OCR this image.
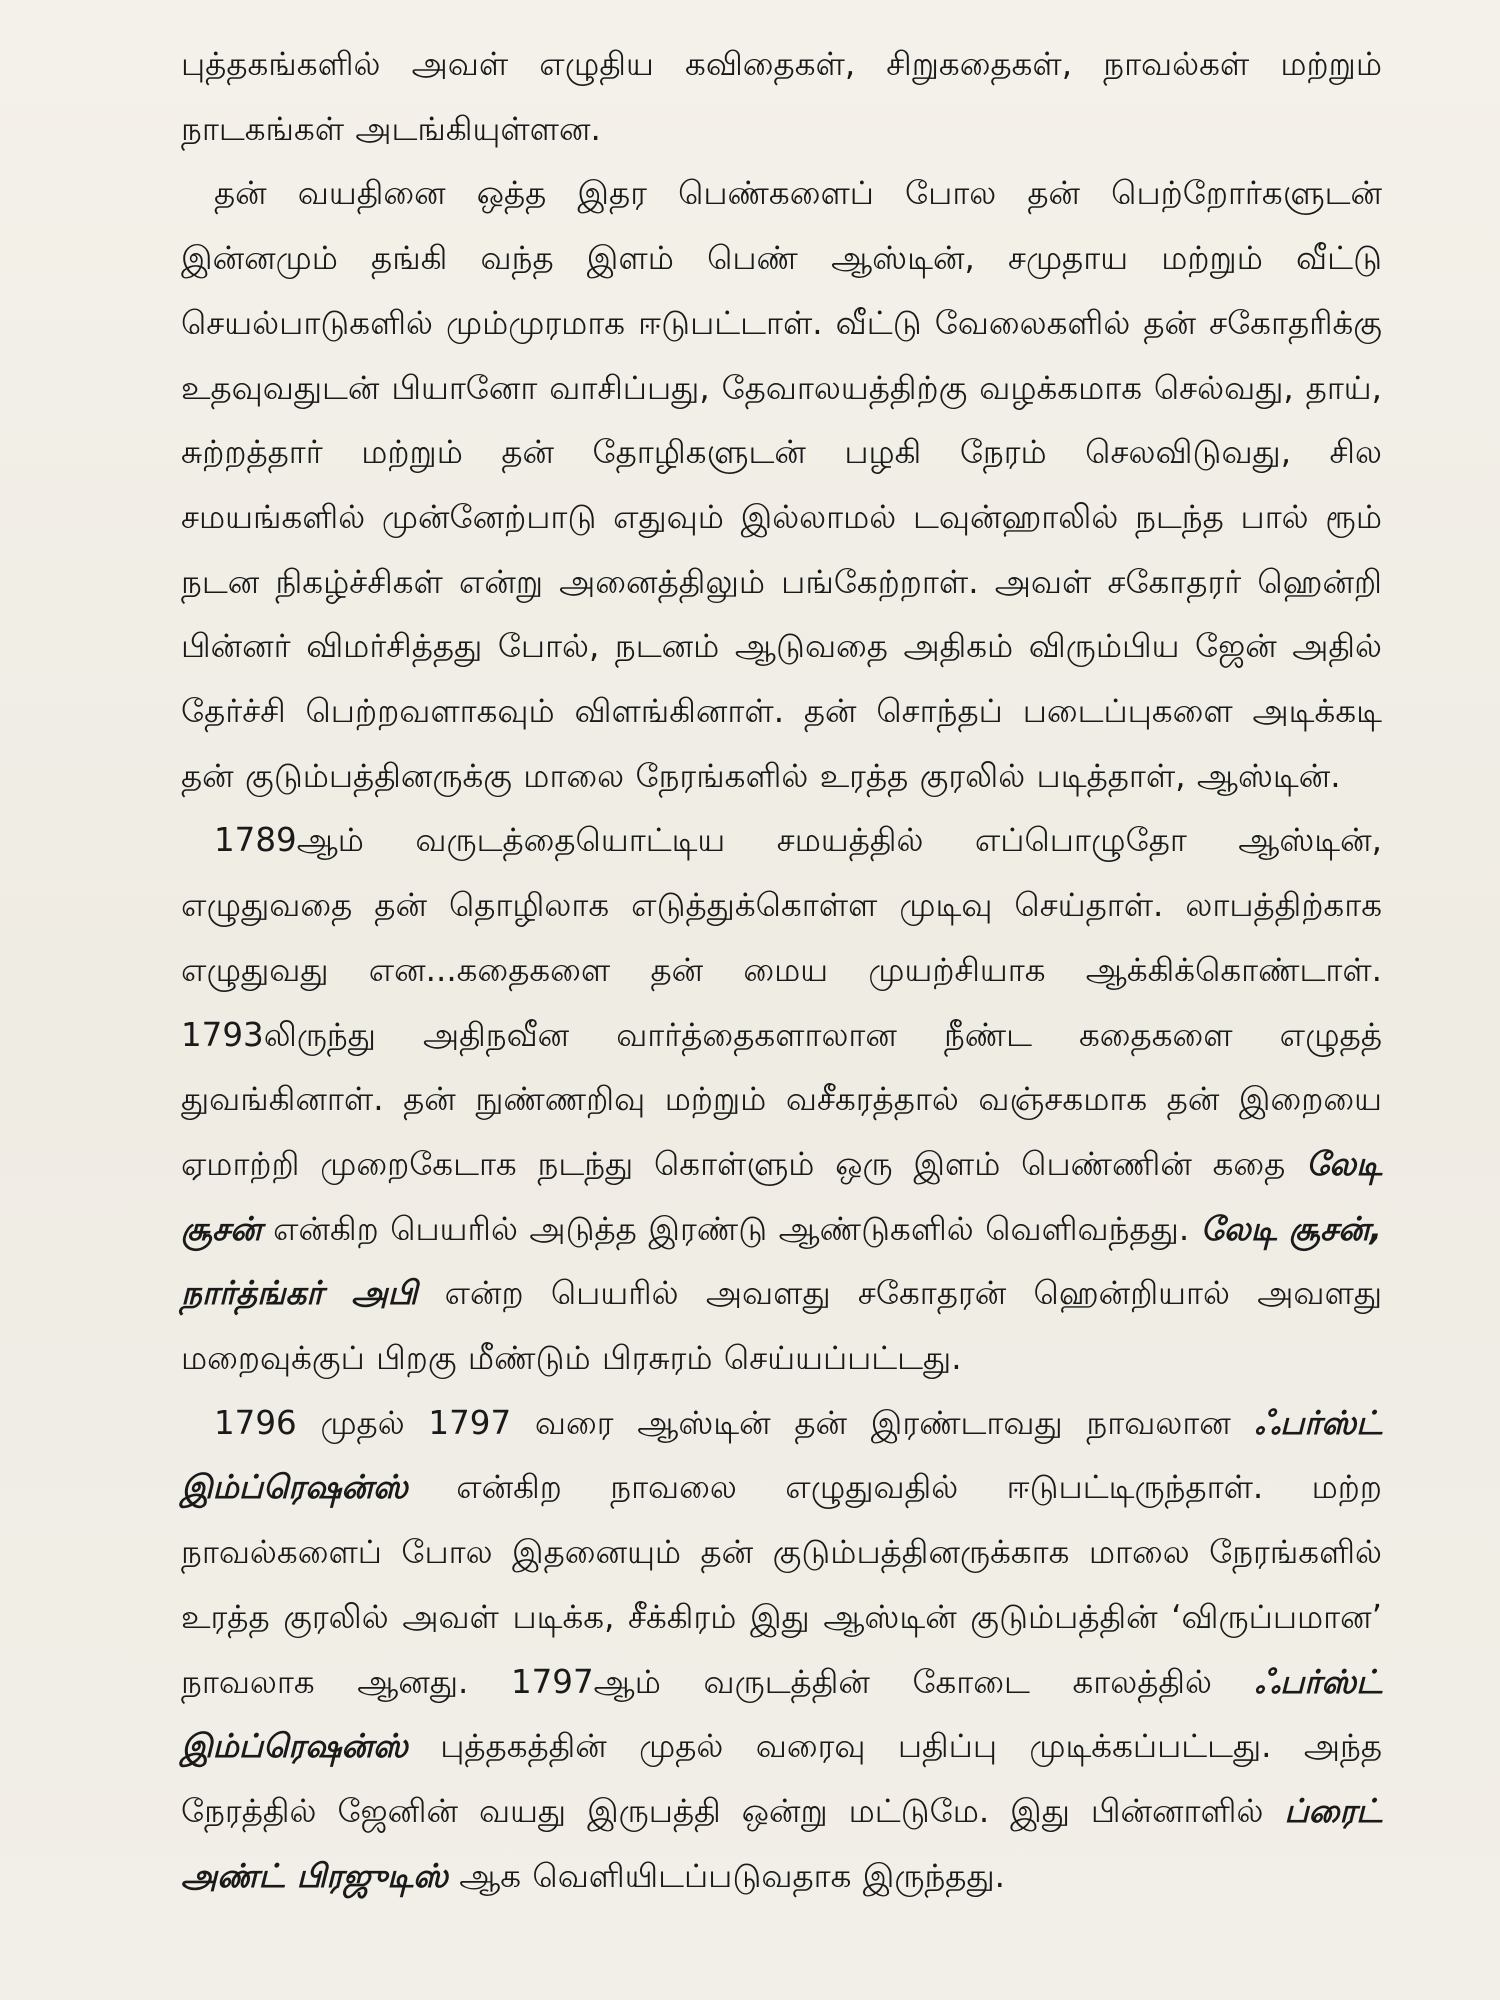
புத்தகங்களில் அவள் எழுதிய கவிதைகள், சிறுகதைகள், நாவல்கள் மற்றும் நாடகங்கள் அடங்கியுள்ளன.

தன் வயதினை ஒத்த இதர பெண்களைப் போல தன் பெற்றோர்களுடன் இன்னமும் தங்கி வந்த இளம் பெண் ஆஸ்டின், சமுதாய மற்றும் வீட்டு செயல்பாடுகளில் மும்முரமாக ஈடுபட்டாள். வீட்டு வேலைகளில் தன் சகோதரிக்கு உதவுவதுடன் பியானோ வாசிப்பது, தேவாலயத்திற்கு வழக்கமாக செல்வது, தாய், சுற்றத்தார் மற்றும் தன் தோழிகளுடன் பழகி நேரம் செலவிடுவது, சில சமயங்களில் முன்னேற்பாடு எதுவும் இல்லாமல் டவுன்ஹாலில் நடந்த பால் ரூம் நடன நிகழ்ச்சிகள் என்று அனைத்திலும் பங்கேற்றாள். அவள் சகோதரர் ஹென்றி பின்னர் விமர்சித்தது போல், நடனம் ஆடுவதை அதிகம் விரும்பிய ஜேன் அதில் தேர்ச்சி பெற்றவளாகவும் விளங்கினாள். தன் சொந்தப் படைப்புகளை அடிக்கடி தன் குடும்பத்தினருக்கு மாலை நேரங்களில் உரத்த குரலில் படித்தாள், ஆஸ்டின்.

1789ஆம் வருடத்தையொட்டிய சமயத்தில் எப்பொழுதோ ஆஸ்டின், எழுதுவதை தன் தொழிலாக எடுத்துக்கொள்ள முடிவு செய்தாள். லாபத்திற்காக எழுதுவது என...கதைகளை தன் மைய முயற்சியாக ஆக்கிக்கொண்டாள். 1793லிருந்து அதிநவீன வார்த்தைகளாலான நீண்ட கதைகளை எழுதத் துவங்கினாள். தன் நுண்ணறிவு மற்றும் வசீகரத்தால் வஞ்சகமாக தன் இறையை ஏமாற்றி முறைகேடாக நடந்து கொள்ளும் ஒரு இளம் பெண்ணின் கதை லேடி சூசன் என்கிற பெயரில் அடுத்த இரண்டு ஆண்டுகளில் வெளிவந்தது. லேடி சூசன், நார்த்ங்கர் அபி என்ற பெயரில் அவளது சகோதரன் ஹென்றியால் அவளது மறைவுக்குப் பிறகு மீண்டும் பிரசுரம் செய்யப்பட்டது.

1796 முதல் 1797 வரை ஆஸ்டின் தன் இரண்டாவது நாவலான ஃபர்ஸ்ட் இம்ப்ரெஷன்ஸ் என்கிற நாவலை எழுதுவதில் ஈடுபட்டிருந்தாள். மற்ற நாவல்களைப் போல இதனையும் தன் குடும்பத்தினருக்காக மாலை நேரங்களில் உரத்த குரலில் அவள் படிக்க, சீக்கிரம் இது ஆஸ்டின் குடும்பத்தின் ‘விருப்பமான’ நாவலாக ஆனது. 1797ஆம் வருடத்தின் கோடை காலத்தில் ஃபர்ஸ்ட் இம்ப்ரெஷன்ஸ் புத்தகத்தின் முதல் வரைவு பதிப்பு முடிக்கப்பட்டது. அந்த நேரத்தில் ஜேனின் வயது இருபத்தி ஒன்று மட்டுமே. இது பின்னாளில் ப்ரைட் அண்ட் பிரஜுடிஸ் ஆக வெளியிடப்படுவதாக இருந்தது.
